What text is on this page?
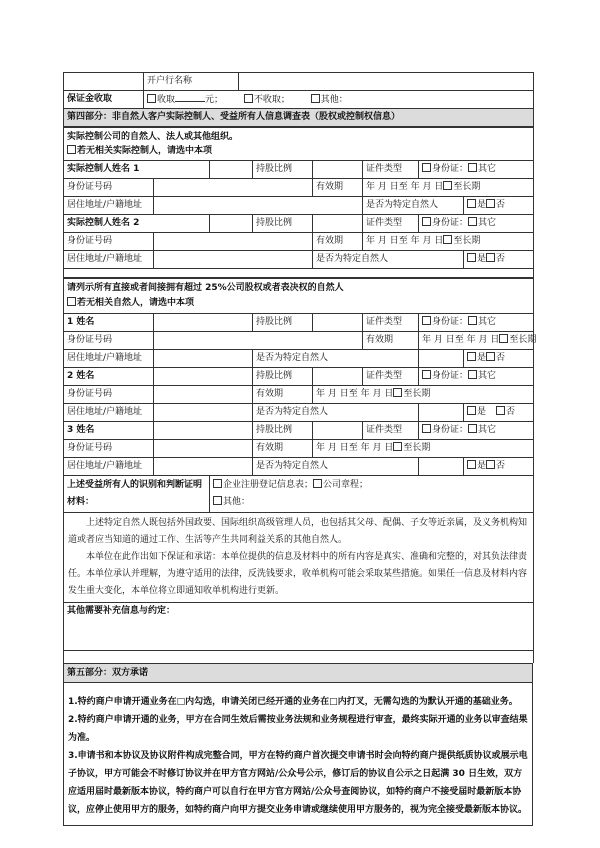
	开户行名称	
保证金收取	收取 元； 不收取； 其他：	
第四部分：非自然人客户实际控制人、受益所有人信息调查表（股权或控制权信息）		
实际控制公司的自然人、法人或其他组织。
若无相关实际控制人，请选中本项							

实际控制人姓名 1			持股比例		证件类型	身份证： 其它	
身份证号码				有效期	年 月 日至 年 月 日 至长期		
居住地址/户籍地址					是否为特定自然人		是 否
实际控制人姓名 2			持股比例		证件类型	身份证： 其它	
身份证号码				有效期	年 月 日至 年 月 日 至长期		
居住地址/户籍地址				是否为特定自然人			是 否

请列示所有直接或者间接拥有超过 25%公司股权或者表决权的自然人
若无相关自然人，请选中本项							

1 姓名			持股比例		证件类型	身份证： 其它	
身份证号码					有效期	年 月 日至 年 月 日 至长期	
居住地址/户籍地址			是否为特定自然人				是 否
2 姓名			持股比例		证件类型	身份证： 其它	
身份证号码			有效期	年 月 日至 年 月 日 至长期			
居住地址/户籍地址			是否为特定自然人				是 否
3 姓名			持股比例		证件类型	身份证： 其它	
身份证号码			有效期	年 月 日至 年 月 日 至长期			
居住地址/户籍地址			是否为特定自然人				是 否
上述受益所有人的识别和判断证明材料：		企业注册登记信息表； 公司章程；
其他：					

上述特定自然人既包括外国政要、国际组织高级管理人员，也包括其父母、配偶、子女等近亲属，及义务机构知道或者应当知道的通过工作、生活等产生共同利益关系的其他自然人。
本单位在此作出如下保证和承诺：本单位提供的信息及材料中的所有内容是真实、准确和完整的，对其负法律责任。本单位承认并理解，为遵守适用的法律，反洗钱要求，收单机构可能会采取某些措施。如果任一信息及材料内容发生重大变化，本单位将立即通知收单机构进行更新。							

其他需要补充信息与约定：							

第五部分：双方承诺

1.特约商户申请开通业务在□内勾选，申请关闭已经开通的业务在□内打叉，无需勾选的为默认开通的基础业务。
2.特约商户申请开通的业务，甲方在合同生效后需按业务法规和业务规程进行审查，最终实际开通的业务以审查结果为准。
3.申请书和本协议及协议附件构成完整合同，甲方在特约商户首次提交申请书时会向特约商户提供纸质协议或展示电子协议，甲方可能会不时修订协议并在甲方官方网站/公众号公示，修订后的协议自公示之日起满 30 日生效，双方应适用届时最新版本协议，特约商户可以自行在甲方官方网站/公众号查阅协议，如特约商户不接受届时最新版本协议，应停止使用甲方的服务，如特约商户向甲方提交业务申请或继续使用甲方服务的，视为完全接受最新版本协议。
